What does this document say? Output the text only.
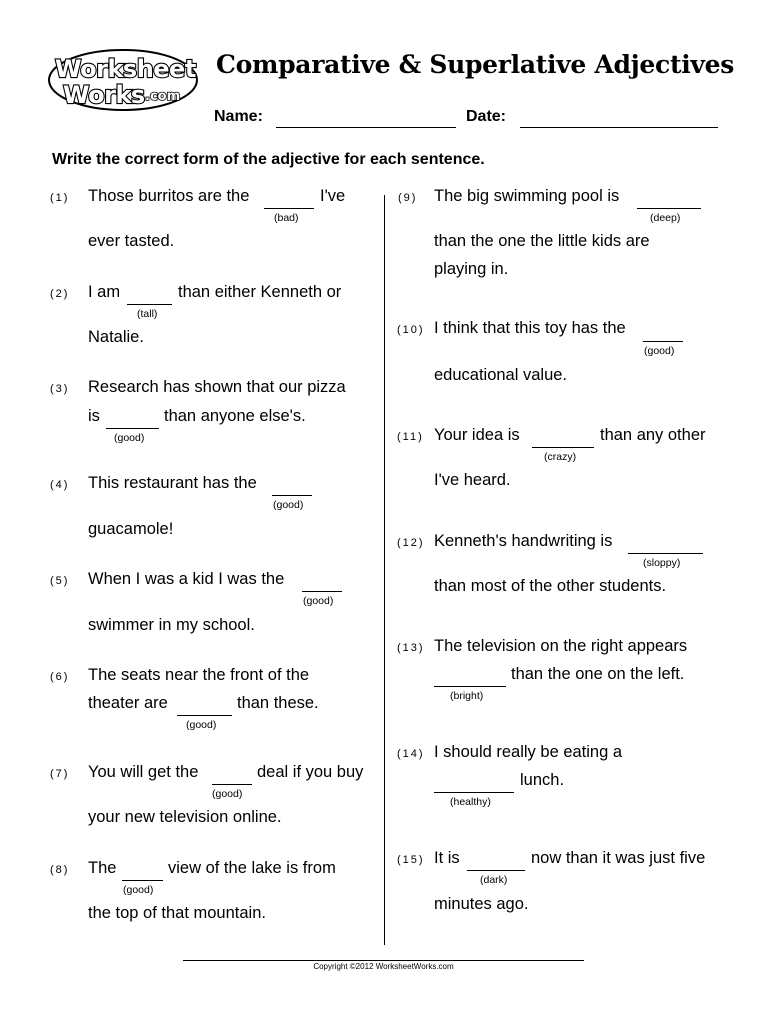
Worksheet
Works .com
Comparative & Superlative Adjectives
Name:	Date:

Write the correct form of the adjective for each sentence.

(1) Those burritos are the	I've
(bad)
ever tasted.
(2) I am	than either Kenneth or
(tall)
Natalie.
(3) Research has shown that our pizza
is	than anyone else's.
(good)
(4) This restaurant has the
(good)
guacamole!
(5) When I was a kid I was the
(good)
swimmer in my school.
(6) The seats near the front of the
theater are	than these.
(good)
(7) You will get the	deal if you buy
(good)
your new television online.
(8) The	view of the lake is from
(good)
the top of that mountain.
(9) The big swimming pool is
(deep)
than the one the little kids are
playing in.
(10) I think that this toy has the
(good)
educational value.
(11) Your idea is	than any other
(crazy)
I've heard.
(12) Kenneth's handwriting is
(sloppy)
than most of the other students.
(13) The television on the right appears
than the one on the left.
(bright)
(14) I should really be eating a
lunch.
(healthy)
(15) It is	now than it was just five
(dark)
minutes ago.
Copyright ©2012 WorksheetWorks.com
